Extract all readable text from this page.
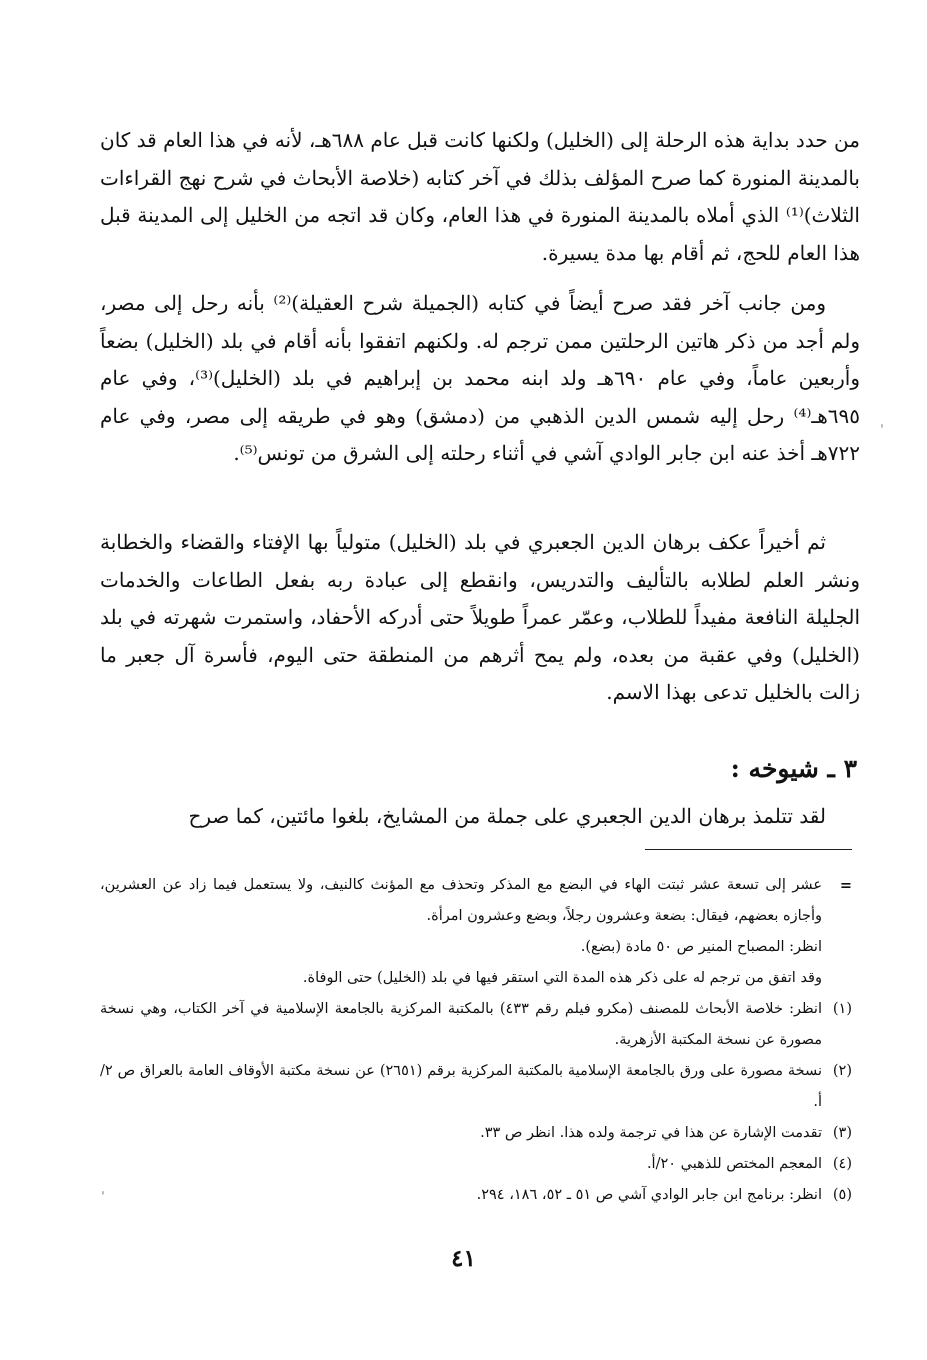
من حدد بداية هذه الرحلة إلى (الخليل) ولكنها كانت قبل عام ٦٨٨هـ، لأنه في هذا العام قد كان بالمدينة المنورة كما صرح المؤلف بذلك في آخر كتابه (خلاصة الأبحاث في شرح نهج القراءات الثلاث)⁽¹⁾ الذي أملاه بالمدينة المنورة في هذا العام، وكان قد اتجه من الخليل إلى المدينة قبل هذا العام للحج، ثم أقام بها مدة يسيرة.

ومن جانب آخر فقد صرح أيضاً في كتابه (الجميلة شرح العقيلة)⁽²⁾ بأنه رحل إلى مصر، ولم أجد من ذكر هاتين الرحلتين ممن ترجم له. ولكنهم اتفقوا بأنه أقام في بلد (الخليل) بضعاً وأربعين عاماً، وفي عام ٦٩٠هـ ولد ابنه محمد بن إبراهيم في بلد (الخليل)⁽³⁾، وفي عام ٦٩٥هـ⁽⁴⁾ رحل إليه شمس الدين الذهبي من (دمشق) وهو في طريقه إلى مصر، وفي عام ٧٢٢هـ أخذ عنه ابن جابر الوادي آشي في أثناء رحلته إلى الشرق من تونس⁽⁵⁾.

ثم أخيراً عكف برهان الدين الجعبري في بلد (الخليل) متولياً بها الإفتاء والقضاء والخطابة ونشر العلم لطلابه بالتأليف والتدريس، وانقطع إلى عبادة ربه بفعل الطاعات والخدمات الجليلة النافعة مفيداً للطلاب، وعمّر عمراً طويلاً حتى أدركه الأحفاد، واستمرت شهرته في بلد (الخليل) وفي عقبة من بعده، ولم يمح أثرهم من المنطقة حتى اليوم، فأسرة آل جعبر ما زالت بالخليل تدعى بهذا الاسم.

٣ ـ شيوخه :

لقد تتلمذ برهان الدين الجعبري على جملة من المشايخ، بلغوا مائتين، كما صرح

=
عشر إلى تسعة عشر ثبتت الهاء في البضع مع المذكر وتحذف مع المؤنث كالنيف، ولا يستعمل فيما زاد عن العشرين، وأجازه بعضهم، فيقال: بضعة وعشرون رجلاً، وبضع وعشرون امرأة.
انظر: المصباح المنير ص ٥٠ مادة (بضع).
وقد اتفق من ترجم له على ذكر هذه المدة التي استقر فيها في بلد (الخليل) حتى الوفاة.
(١)
انظر: خلاصة الأبحاث للمصنف (مكرو فيلم رقم ٤٣٣) بالمكتبة المركزية بالجامعة الإسلامية في آخر الكتاب، وهي نسخة مصورة عن نسخة المكتبة الأزهرية.
(٢)
نسخة مصورة على ورق بالجامعة الإسلامية بالمكتبة المركزية برقم (٢٦٥١) عن نسخة مكتبة الأوقاف العامة بالعراق ص ٢/أ.
(٣)
تقدمت الإشارة عن هذا في ترجمة ولده هذا. انظر ص ٣٣.
(٤)
المعجم المختص للذهبي ٢٠/أ.
(٥)
انظر: برنامج ابن جابر الوادي آشي ص ٥١ ـ ٥٢، ١٨٦، ٢٩٤.
٤١
ˈ
ˈ
